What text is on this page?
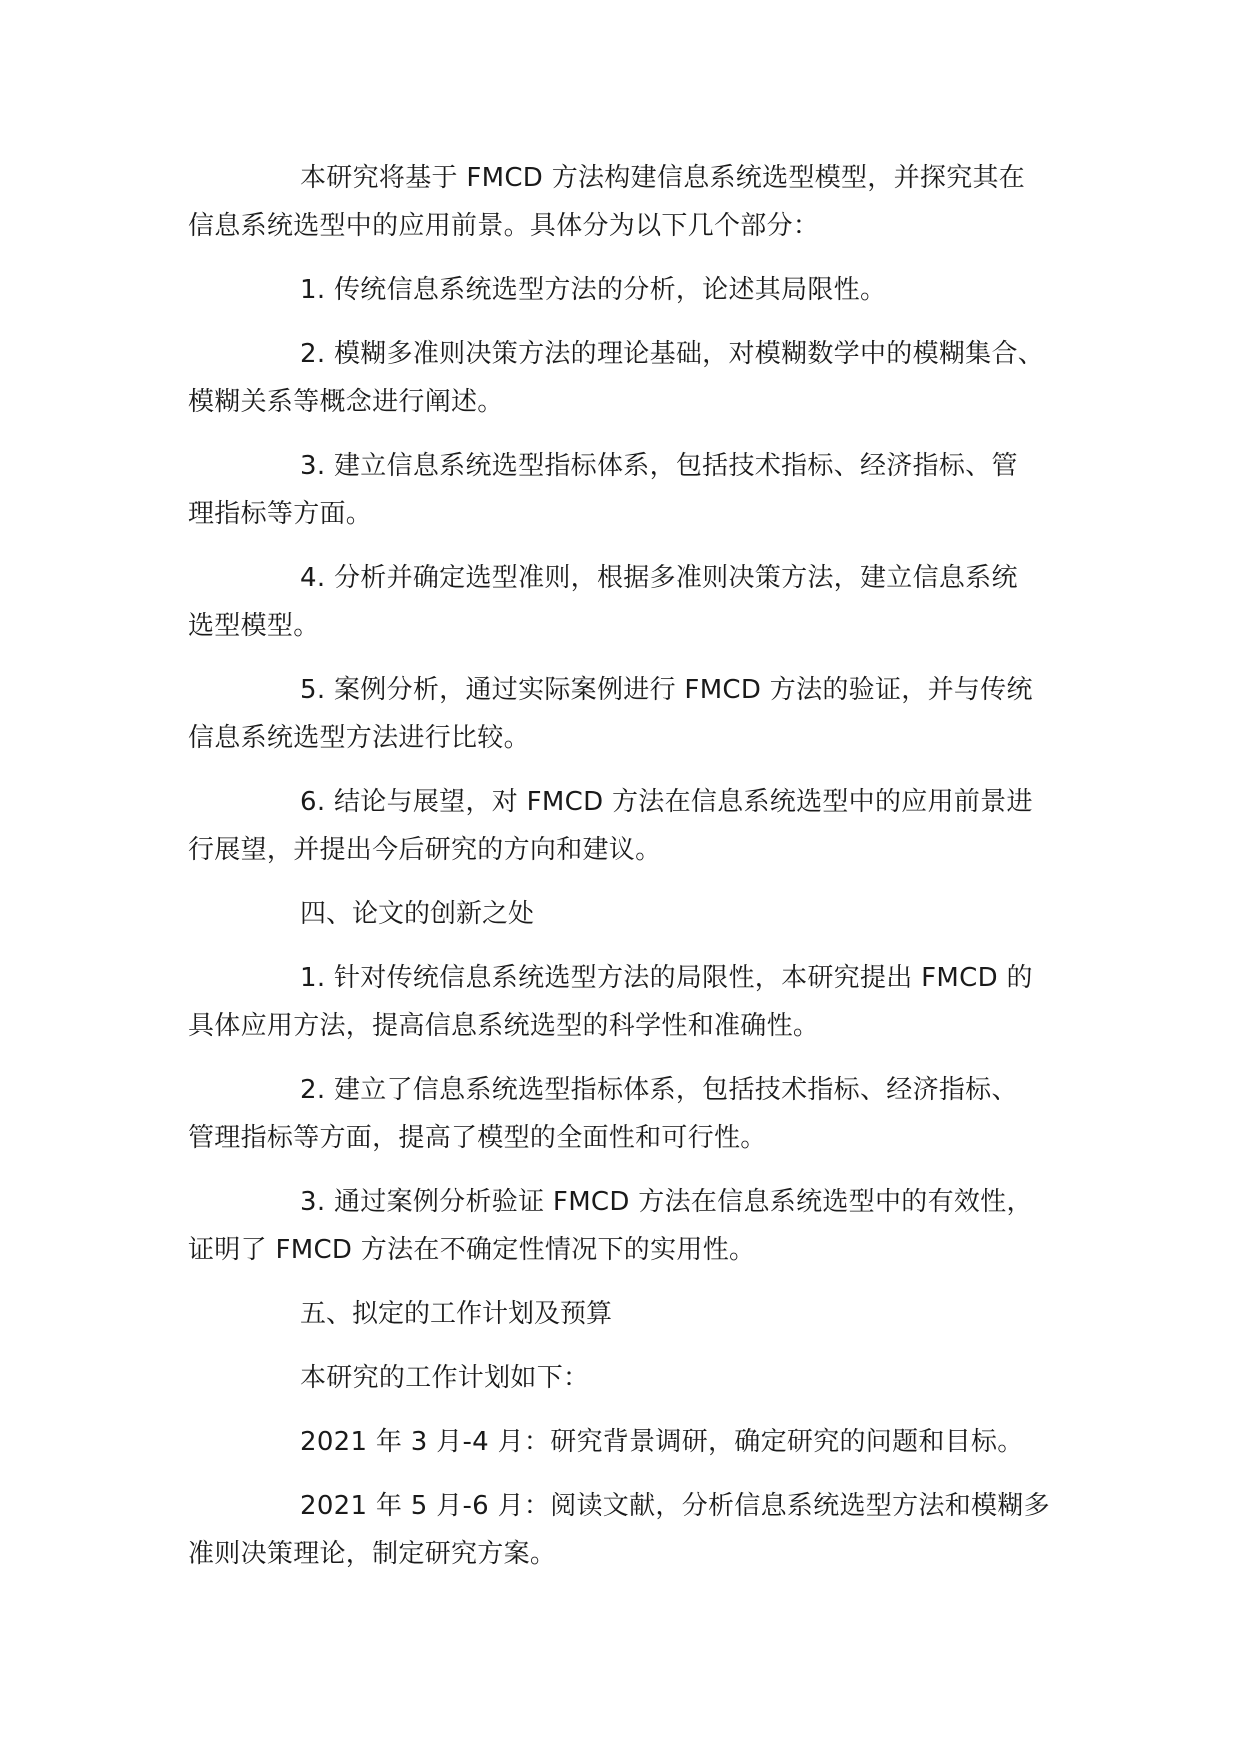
本研究将基于 FMCD 方法构建信息系统选型模型，并探究其在
信息系统选型中的应用前景。具体分为以下几个部分：

1. 传统信息系统选型方法的分析，论述其局限性。

2. 模糊多准则决策方法的理论基础，对模糊数学中的模糊集合、
模糊关系等概念进行阐述。

3. 建立信息系统选型指标体系，包括技术指标、经济指标、管
理指标等方面。

4. 分析并确定选型准则，根据多准则决策方法，建立信息系统
选型模型。

5. 案例分析，通过实际案例进行 FMCD 方法的验证，并与传统
信息系统选型方法进行比较。

6. 结论与展望，对 FMCD 方法在信息系统选型中的应用前景进
行展望，并提出今后研究的方向和建议。

四、论文的创新之处

1. 针对传统信息系统选型方法的局限性，本研究提出 FMCD 的
具体应用方法，提高信息系统选型的科学性和准确性。

2. 建立了信息系统选型指标体系，包括技术指标、经济指标、
管理指标等方面，提高了模型的全面性和可行性。

3. 通过案例分析验证 FMCD 方法在信息系统选型中的有效性，
证明了 FMCD 方法在不确定性情况下的实用性。

五、拟定的工作计划及预算

本研究的工作计划如下：

2021 年 3 月-4 月：研究背景调研，确定研究的问题和目标。

2021 年 5 月-6 月：阅读文献，分析信息系统选型方法和模糊多
准则决策理论，制定研究方案。
